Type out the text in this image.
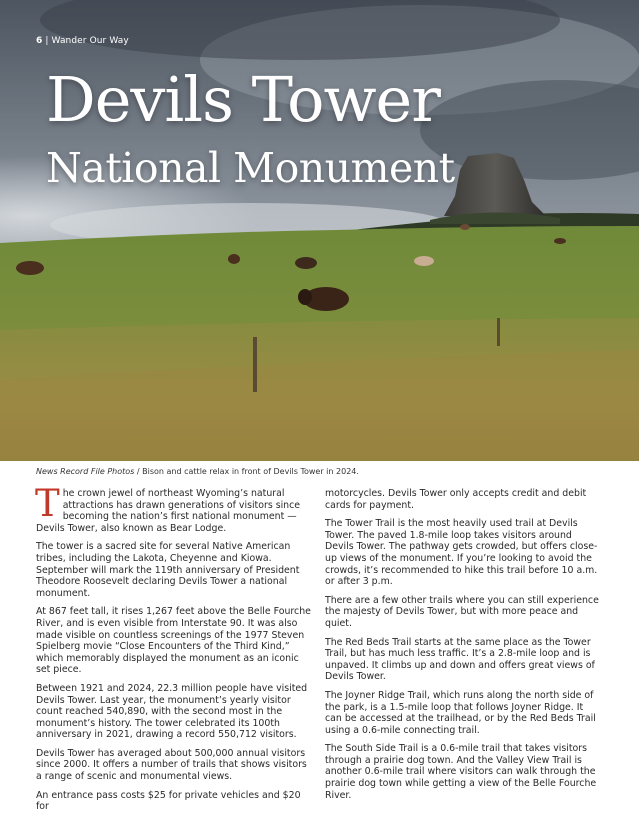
6 | Wander Our Way
Devils Tower
National Monument
News Record File Photos / Bison and cattle relax in front of Devils Tower in 2024.

The crown jewel of northeast Wyoming’s natural attractions has drawn generations of visitors since becoming the nation’s first national monument — Devils Tower, also known as Bear Lodge.

The tower is a sacred site for several Native American tribes, including the Lakota, Cheyenne and Kiowa. September will mark the 119th anniversary of President Theodore Roosevelt declaring Devils Tower a national monument.

At 867 feet tall, it rises 1,267 feet above the Belle Fourche River, and is even visible from Interstate 90. It was also made visible on countless screenings of the 1977 Steven Spielberg movie “Close Encounters of the Third Kind,” which memorably displayed the monument as an iconic set piece.

Between 1921 and 2024, 22.3 million people have visited Devils Tower. Last year, the monument’s yearly visitor count reached 540,890, with the second most in the monument’s history. The tower celebrated its 100th anniversary in 2021, drawing a record 550,712 visitors.

Devils Tower has averaged about 500,000 annual visitors since 2000. It offers a number of trails that shows visitors a range of scenic and monumental views.

An entrance pass costs $25 for private vehicles and $20 for

motorcycles. Devils Tower only accepts credit and debit cards for payment.

The Tower Trail is the most heavily used trail at Devils Tower. The paved 1.8-mile loop takes visitors around Devils Tower. The pathway gets crowded, but offers close-up views of the monument. If you’re looking to avoid the crowds, it’s recommended to hike this trail before 10 a.m. or after 3 p.m.

There are a few other trails where you can still experience the majesty of Devils Tower, but with more peace and quiet.

The Red Beds Trail starts at the same place as the Tower Trail, but has much less traffic. It’s a 2.8-mile loop and is unpaved. It climbs up and down and offers great views of Devils Tower.

The Joyner Ridge Trail, which runs along the north side of the park, is a 1.5-mile loop that follows Joyner Ridge. It can be accessed at the trailhead, or by the Red Beds Trail using a 0.6-mile connecting trail.

The South Side Trail is a 0.6-mile trail that takes visitors through a prairie dog town. And the Valley View Trail is another 0.6-mile trail where visitors can walk through the prairie dog town while getting a view of the Belle Fourche River.
